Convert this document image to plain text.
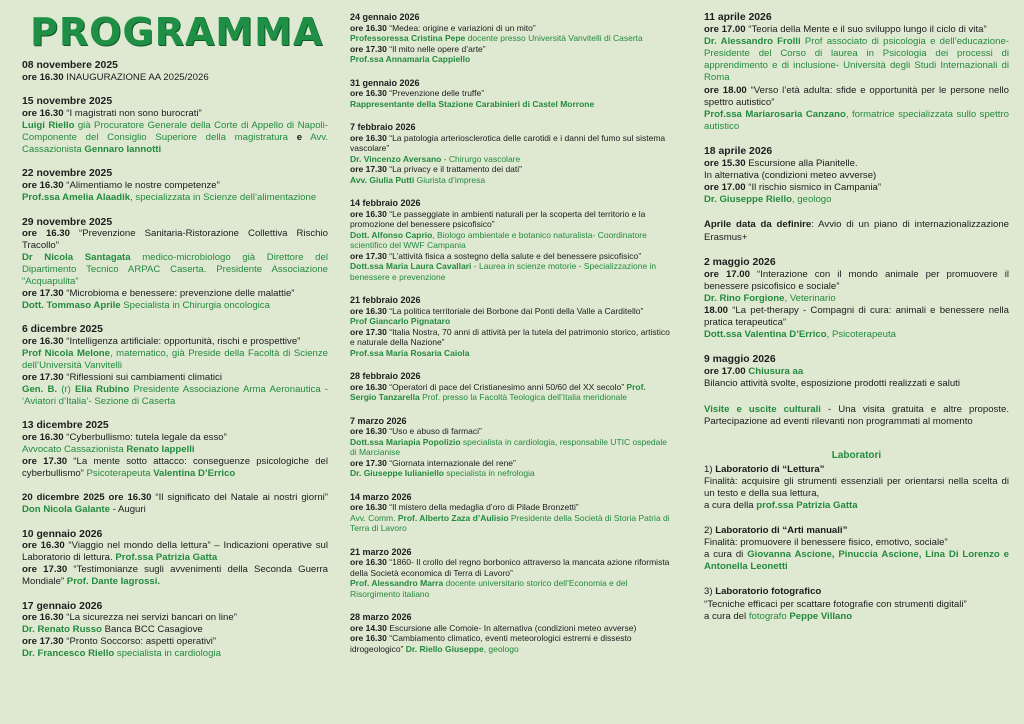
PROGRAMMA
08 novembere 2025
ore 16.30 INAUGURAZIONE AA 2025/2026
15 novembre 2025
ore 16.30 “I magistrati non sono burocrati”
Luigi Riello già Procuratore Generale della Corte di Appello di Napoli-Componente del Consiglio Superiore della magistratura e Avv. Cassazionista Gennaro Iannotti
22 novembre 2025
ore 16.30 “Alimentiamo le nostre competenze”
Prof.ssa Amelia Alaadik, specializzata in Scienze dell’alimentazione
29 novembre 2025
ore 16.30 “Prevenzione Sanitaria-Ristorazione Collettiva Rischio Tracollo”
Dr Nicola Santagata medico-microbiologo già Direttore del Dipartimento Tecnico ARPAC Caserta. Presidente Associazione “Acquapulita”
ore 17.30 “Microbioma e benessere: prevenzione delle malattie”
Dott. Tommaso Aprile Specialista in Chirurgia oncologica
6 dicembre 2025
ore 16.30 “Intelligenza artificiale: opportunità, rischi e prospettive”
Prof Nicola Melone, matematico, già Preside della Facoltà di Scienze dell’Università Vanvitelli
ore 17.30 “Riflessioni sui cambiamenti climatici
Gen. B. (r) Elia Rubino Presidente Associazione Arma Aeronautica - ‘Aviatori d’Italia’- Sezione di Caserta
13 dicembre 2025
ore 16.30 “Cyberbullismo: tutela legale da esso”
Avvocato Cassazionista Renato Iappelli
ore 17.30 “La mente sotto attacco: conseguenze psicologiche del cyberbullismo” Psicoterapeuta Valentina D’Errico
20 dicembre 2025 ore 16.30 “Il significato del Natale ai nostri giorni” Don Nicola Galante - Auguri
10 gennaio 2026
ore 16.30 “Viaggio nel mondo della lettura” – Indicazioni operative sul Laboratorio di lettura. Prof.ssa Patrizia Gatta
ore 17.30 “Testimonianze sugli avvenimenti della Seconda Guerra Mondiale” Prof. Dante Iagrossi.
17 gennaio 2026
ore 16.30 “La sicurezza nei servizi bancari on line”
Dr. Renato Russo Banca BCC Casagiove
ore 17.30 “Pronto Soccorso: aspetti operativi”
Dr. Francesco Riello specialista in cardiologia
24 gennaio 2026
ore 16.30 “Medea: origine e variazioni di un mito”
Professoressa Cristina Pepe docente presso Università Vanvitelli di Caserta
ore 17.30 “Il mito nelle opere d’arte”
Prof.ssa Annamaria Cappiello
31 gennaio 2026
ore 16.30 “Prevenzione delle truffe”
Rappresentante della Stazione Carabinieri di Castel Morrone
7 febbraio 2026
ore 16.30 “La patologia arteriosclerotica delle carotidi e i danni del fumo sul sistema vascolare”
Dr. Vincenzo Aversano - Chirurgo vascolare
ore 17.30 “La privacy e il trattamento dei dati”
Avv. Giulia Putti Giurista d’impresa
14 febbraio 2026
ore 16.30 “Le passeggiate in ambienti naturali per la scoperta del territorio e la promozione del benessere psicofisico”
Dott. Alfonso Caprio, Biologo ambientale e botanico naturalista- Coordinatore scientifico del WWF Campania
ore 17.30 “L’attività fisica a sostegno della salute e del benessere psicofisico”
Dott.ssa Maria Laura Cavallari - Laurea in scienze motorie - Specializzazione in benessere e prevenzione
21 febbraio 2026
ore 16.30 “La politica territoriale dei Borbone dai Ponti della Valle a Carditello”
Prof Giancarlo Pignataro
ore 17.30 “Italia Nostra, 70 anni di attività per la tutela del patrimonio storico, artistico e naturale della Nazione”
Prof.ssa Maria Rosaria Caiola
28 febbraio 2026
ore 16.30 “Operatori di pace del Cristianesimo anni 50/60 del XX secolo” Prof. Sergio Tanzarella Prof. presso la Facoltà Teologica dell’Italia meridionale
7 marzo 2026
ore 16.30 “Uso e abuso di farmaci”
Dott.ssa Mariapia Popolizio specialista in cardiologia, responsabile UTIC ospedale di Marcianise
ore 17.30 “Giornata internazionale del rene”
Dr. Giuseppe Iulianiello specialista in nefrologia
14 marzo 2026
ore 16.30 “Il mistero della medaglia d’oro di Pilade Bronzetti”
Avv. Comm. Prof. Alberto Zaza d’Aulisio Presidente della Società di Storia Patria di Terra di Lavoro
21 marzo 2026
ore 16.30 “1860- Il crollo del regno borbonico attraverso la mancata azione riformista della Società economica di Terra di Lavoro”
Prof. Alessandro Marra docente universitario storico dell’Economia e del Risorgimento italiano
28 marzo 2026
ore 14.30 Escursione alle Comoie- In alternativa (condizioni meteo avverse)
ore 16.30 “Cambiamento climatico, eventi meteorologici estremi e dissesto idrogeologico” Dr. Riello Giuseppe, geologo
11 aprile 2026
ore 17.00 “Teoria della Mente e il suo sviluppo lungo il ciclo di vita”
Dr. Alessandro Frolli Prof associato di psicologia e dell’educazione-Presidente del Corso di laurea in Psicologia dei processi di apprendimento e di inclusione- Università degli Studi Internazionali di Roma
ore 18.00 “Verso l’età adulta: sfide e opportunità per le persone nello spettro autistico”
Prof.ssa Mariarosaria Canzano, formatrice specializzata sullo spettro autistico
18 aprile 2026
ore 15.30 Escursione alla Pianitelle.
In alternativa (condizioni meteo avverse)
ore 17.00 “Il rischio sismico in Campania”
Dr. Giuseppe Riello, geologo
Aprile data da definire: Avvio di un piano di internazionalizzazione Erasmus+
2 maggio 2026
ore 17.00 “Interazione con il mondo animale per promuovere il benessere psicofisico e sociale”
Dr. Rino Forgione, Veterinario
18.00 “La pet-therapy - Compagni di cura: animali e benessere nella pratica terapeutica”
Dott.ssa Valentina D’Errico, Psicoterapeuta
9 maggio 2026
ore 17.00 Chiusura aa
Bilancio attività svolte, esposizione prodotti realizzati e saluti
Visite e uscite culturali - Una visita gratuita e altre proposte. Partecipazione ad eventi rilevanti non programmati al momento
Laboratori
1) Laboratorio di “Lettura”
Finalità: acquisire gli strumenti essenziali per orientarsi nella scelta di un testo e della sua lettura,
a cura della prof.ssa Patrizia Gatta
2) Laboratorio di “Arti manuali”
Finalità: promuovere il benessere fisico, emotivo, sociale”
a cura di Giovanna Ascione, Pinuccia Ascione, Lina Di Lorenzo e Antonella Leonetti
3) Laboratorio fotografico
“Tecniche efficaci per scattare fotografie con strumenti digitali”
a cura del fotografo Peppe Villano
